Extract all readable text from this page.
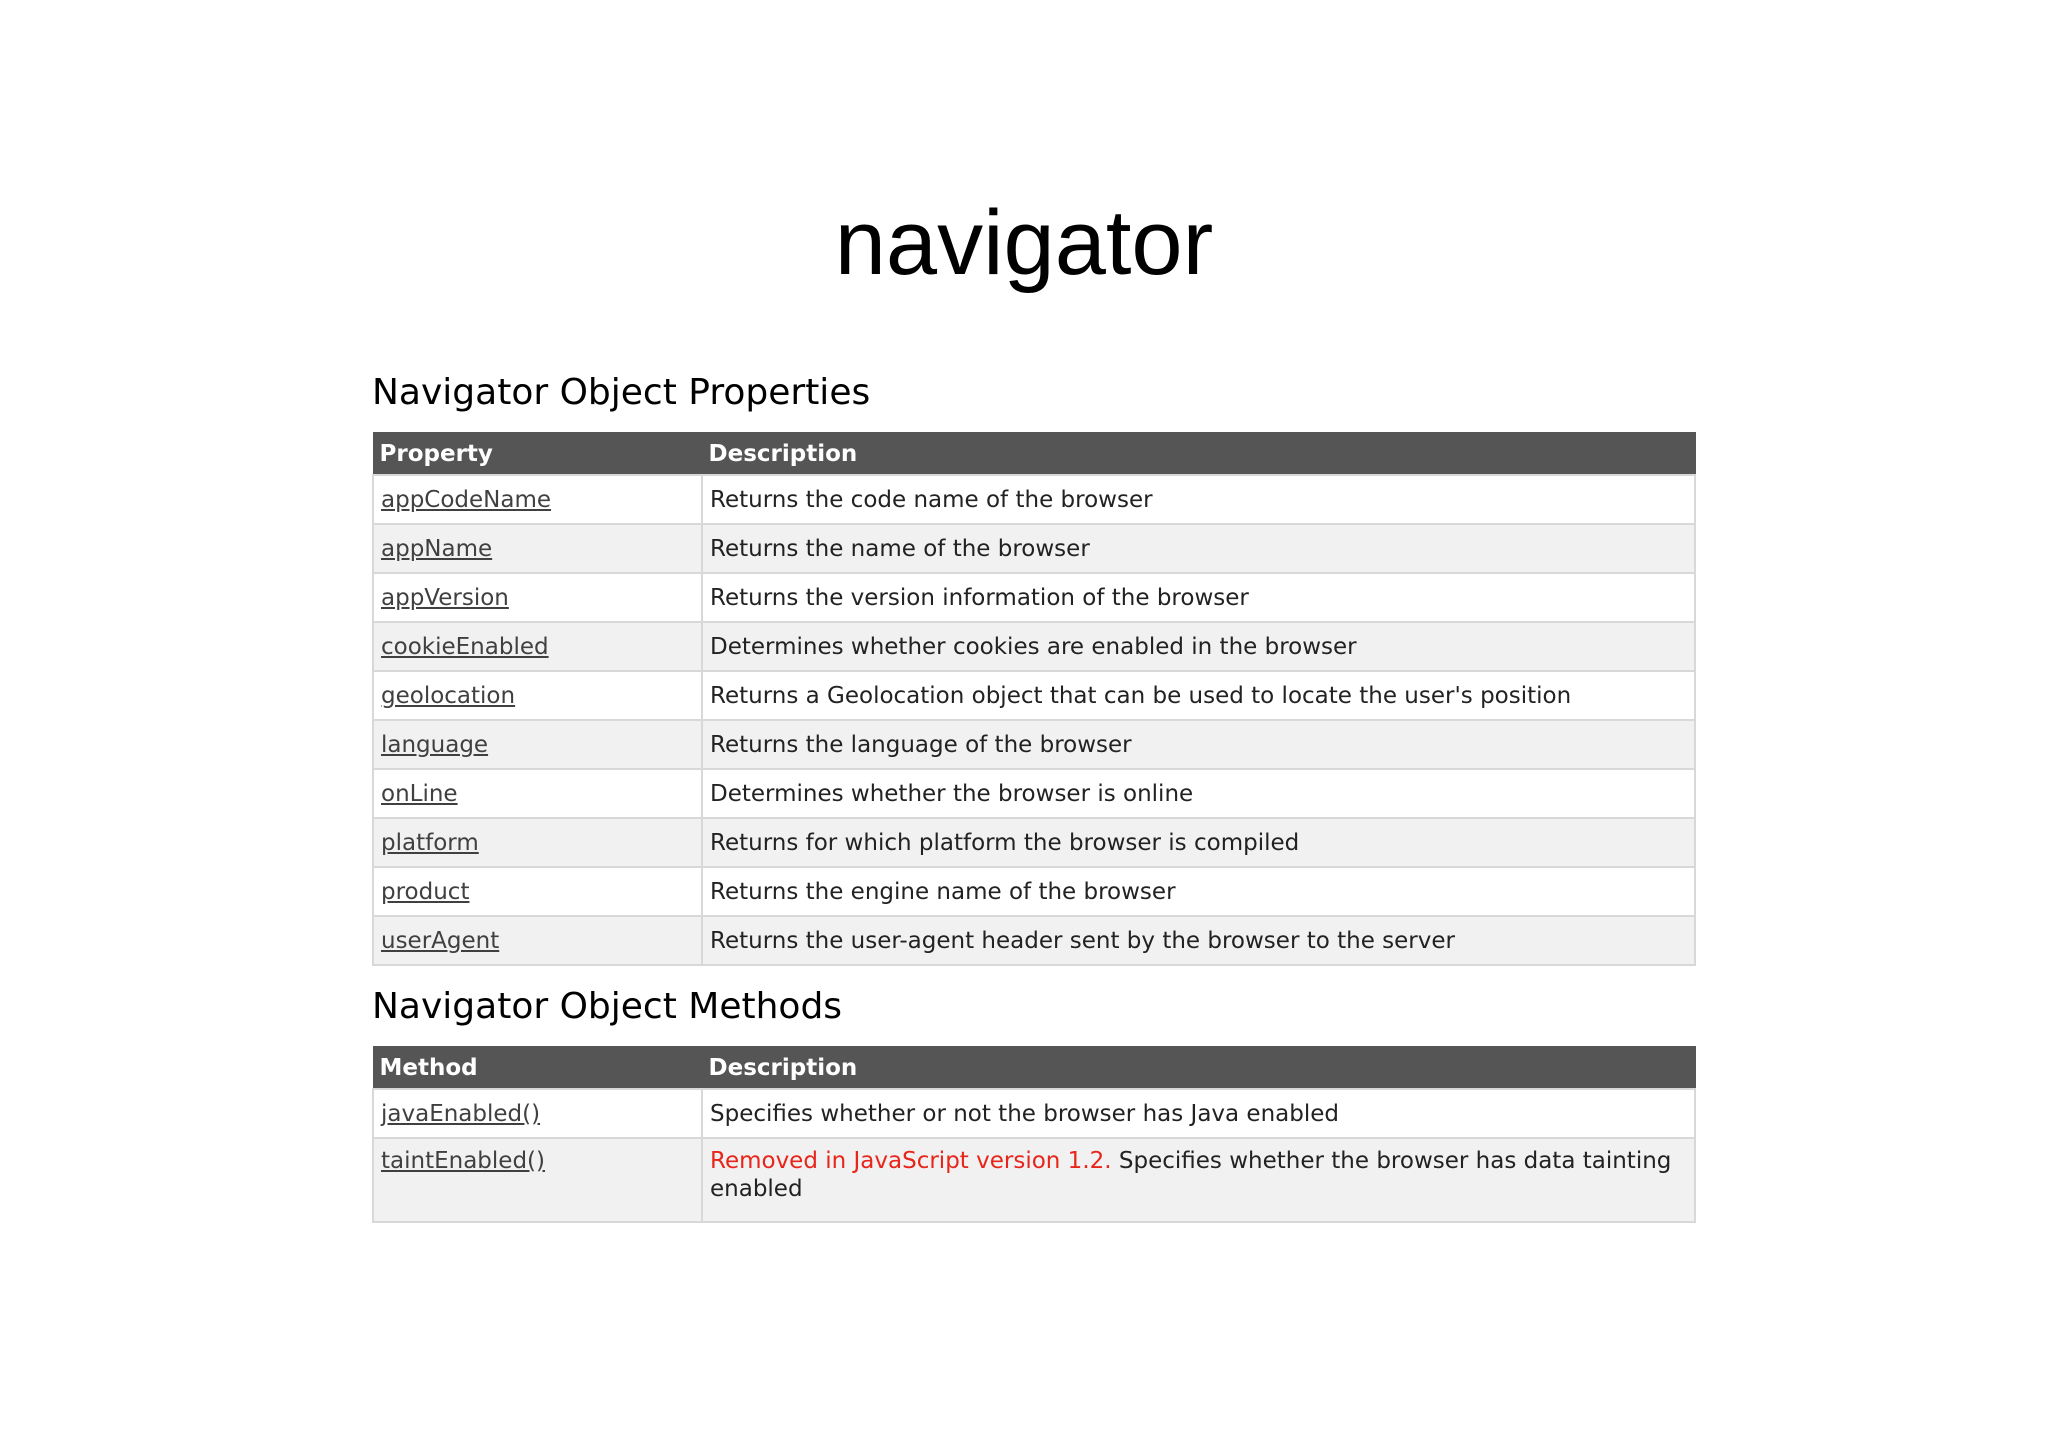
navigator
Navigator Object Properties
Property	Description
appCodeName	Returns the code name of the browser
appName	Returns the name of the browser
appVersion	Returns the version information of the browser
cookieEnabled	Determines whether cookies are enabled in the browser
geolocation	Returns a Geolocation object that can be used to locate the user's position
language	Returns the language of the browser
onLine	Determines whether the browser is online
platform	Returns for which platform the browser is compiled
product	Returns the engine name of the browser
userAgent	Returns the user-agent header sent by the browser to the server
Navigator Object Methods
Method	Description
javaEnabled()	Specifies whether or not the browser has Java enabled
taintEnabled()	Removed in JavaScript version 1.2. Specifies whether the browser has data tainting enabled
